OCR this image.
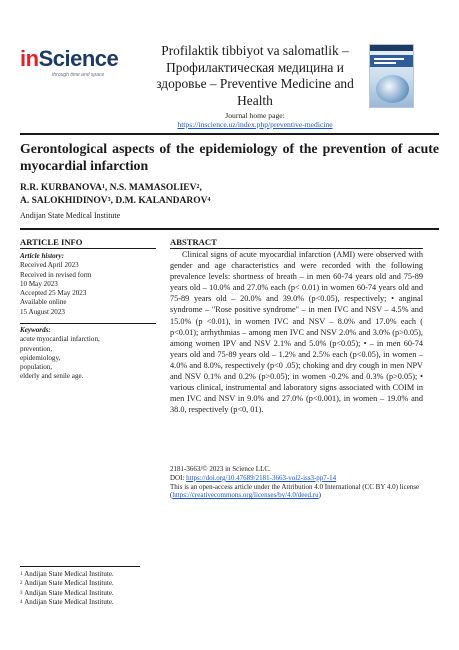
inScience
through time and space
Profilaktik tibbiyot va salomatlik – Профилактическая медицина и здоровье – Preventive Medicine and Health
Journal home page:
https://inscience.uz/index.php/preventive-medicine
Gerontological aspects of the epidemiology of the prevention of acute myocardial infarction
R.R. KURBANOVA$^1$, N.S. MAMASOLIEV$^2$,
A. SALOKHIDINOV$^3$, D.M. KALANDAROV$^4$
Andijan State Medical Institute
ARTICLE INFO
Article history:
Received April 2023
Received in revised form
10 May 2023
Accepted 25 May 2023
Available online
15 August 2023
Keywords:
acute myocardial infarction,
prevention,
epidemiology,
population,
elderly and senile age.
ABSTRACT
Clinical signs of acute myocardial infarction (AMI) were observed with gender and age characteristics and were recorded with the following prevalence levels: shortness of breath – in men 60-74 years old and 75-89 years old – 10.0% and 27.0% each (p< 0.01) in women 60-74 years old and 75-89 years old – 20.0% and 39.0% (p<0.05), respectively; • anginal syndrome – "Rose positive syndrome" – in men IVC and NSV – 4.5% and 15.0% (p <0.01), in women IVC and NSV – 8.0% and 17.0% each ( p<0.01); arrhythmias – among men IVC and NSV 2.0% and 3.0% (p>0.05), among women IPV and NSV 2.1% and 5.0% (p<0.05); • – in men 60-74 years old and 75-89 years old – 1.2% and 2.5% each (p<0.05), in women – 4.0% and 8.0%, respectively (p<0 .05); choking and dry cough in men NPV and NSV 0.1% and 0.2% (p>0.05); in women -0.2% and 0.3% (p>0.05); • various clinical, instrumental and laboratory signs associated with COIM in men IVC and NSV in 9.0% and 27.0% (p<0.001), in women – 19.0% and 38.0, respectively (p<0, 01).
2181-3663/© 2023 in Science LLC.
DOI: https://doi.org/10.47689/2181-3663-vol2-iss3-pp7-14
This is an open-access article under the Attribution 4.0 International (CC BY 4.0) license (https://creativecommons.org/licenses/by/4.0/deed.ru)
$^1$ Andijan State Medical Institute.
$^2$ Andijan State Medical Institute.
$^3$ Andijan State Medical Institute.
$^4$ Andijan State Medical Institute.
